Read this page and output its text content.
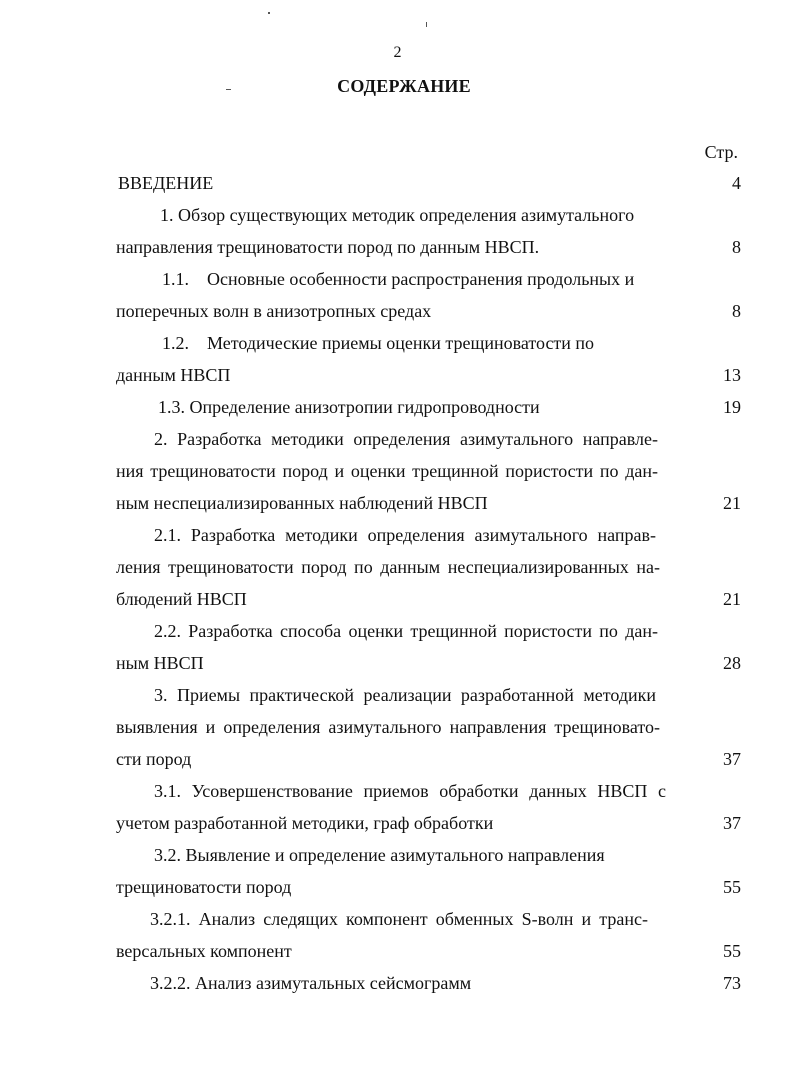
2
СОДЕРЖАНИЕ
Стр.
ВВЕДЕНИЕ	4
1. Обзор существующих методик определения азимутального
направления трещиноватости пород по данным НВСП.	8
1.1.    Основные особенности распространения продольных и
поперечных волн в анизотропных средах	8
1.2.    Методические приемы оценки трещиноватости по
данным НВСП	13
1.3. Определение анизотропии гидропроводности	19
2. Разработка методики определения азимутального направле-
ния трещиноватости пород и оценки трещинной пористости по дан-
ным неспециализированных наблюдений НВСП	21
2.1. Разработка методики определения азимутального направ-
ления трещиноватости пород по данным неспециализированных на-
блюдений НВСП	21
2.2. Разработка способа оценки трещинной пористости по дан-
ным НВСП	28
3. Приемы практической реализации разработанной методики
выявления и определения азимутального направления трещиновато-
сти пород	37
3.1. Усовершенствование приемов обработки данных НВСП с
учетом разработанной методики, граф обработки	37
3.2. Выявление и определение азимутального направления
трещиноватости пород	55
3.2.1. Анализ следящих компонент обменных S-волн и транс-
версальных компонент	55
3.2.2. Анализ азимутальных сейсмограмм	73
